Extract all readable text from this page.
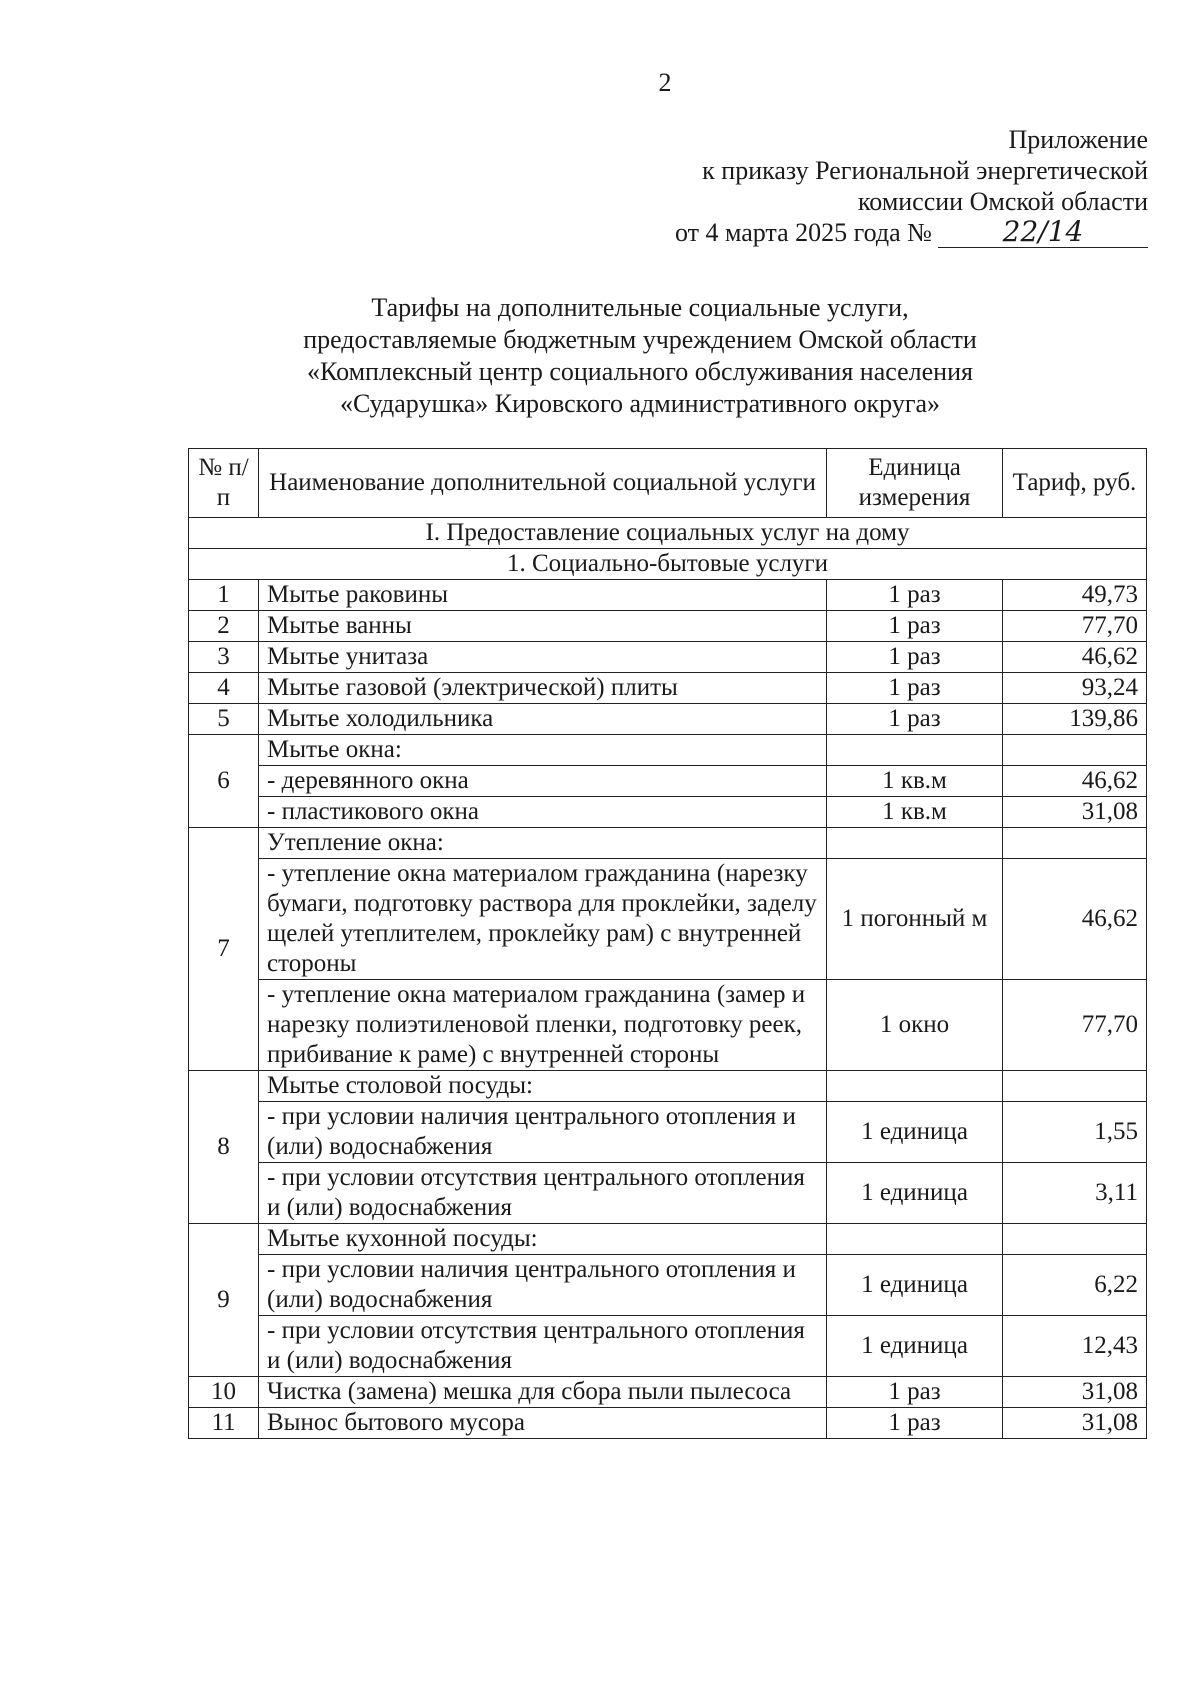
2
Приложение
к приказу Региональной энергетической
комиссии Омской области
от 4 марта 2025 года №	22/14
Тарифы на дополнительные социальные услуги,
предоставляемые бюджетным учреждением Омской области
«Комплексный центр социального обслуживания населения
«Сударушка» Кировского административного округа»
№ п/п	Наименование дополнительной социальной услуги	Единица измерения	Тариф, руб.
I. Предоставление социальных услуг на дому			
1. Социально-бытовые услуги			
1	Мытье раковины	1 раз	49,73
2	Мытье ванны	1 раз	77,70
3	Мытье унитаза	1 раз	46,62
4	Мытье газовой (электрической) плиты	1 раз	93,24
5	Мытье холодильника	1 раз	139,86
6	Мытье окна:		
	- деревянного окна	1 кв.м	46,62
	- пластикового окна	1 кв.м	31,08
7	Утепление окна:		
	- утепление окна материалом гражданина (нарезку бумаги, подготовку раствора для проклейки, заделу щелей утеплителем, проклейку рам) с внутренней стороны	1 погонный м	46,62
	- утепление окна материалом гражданина (замер и нарезку полиэтиленовой пленки, подготовку реек, прибивание к раме) с внутренней стороны	1 окно	77,70
8	Мытье столовой посуды:		
	- при условии наличия центрального отопления и (или) водоснабжения	1 единица	1,55
	- при условии отсутствия центрального отопления и (или) водоснабжения	1 единица	3,11
9	Мытье кухонной посуды:		
	- при условии наличия центрального отопления и (или) водоснабжения	1 единица	6,22
	- при условии отсутствия центрального отопления и (или) водоснабжения	1 единица	12,43
10	Чистка (замена) мешка для сбора пыли пылесоса	1 раз	31,08
11	Вынос бытового мусора	1 раз	31,08
